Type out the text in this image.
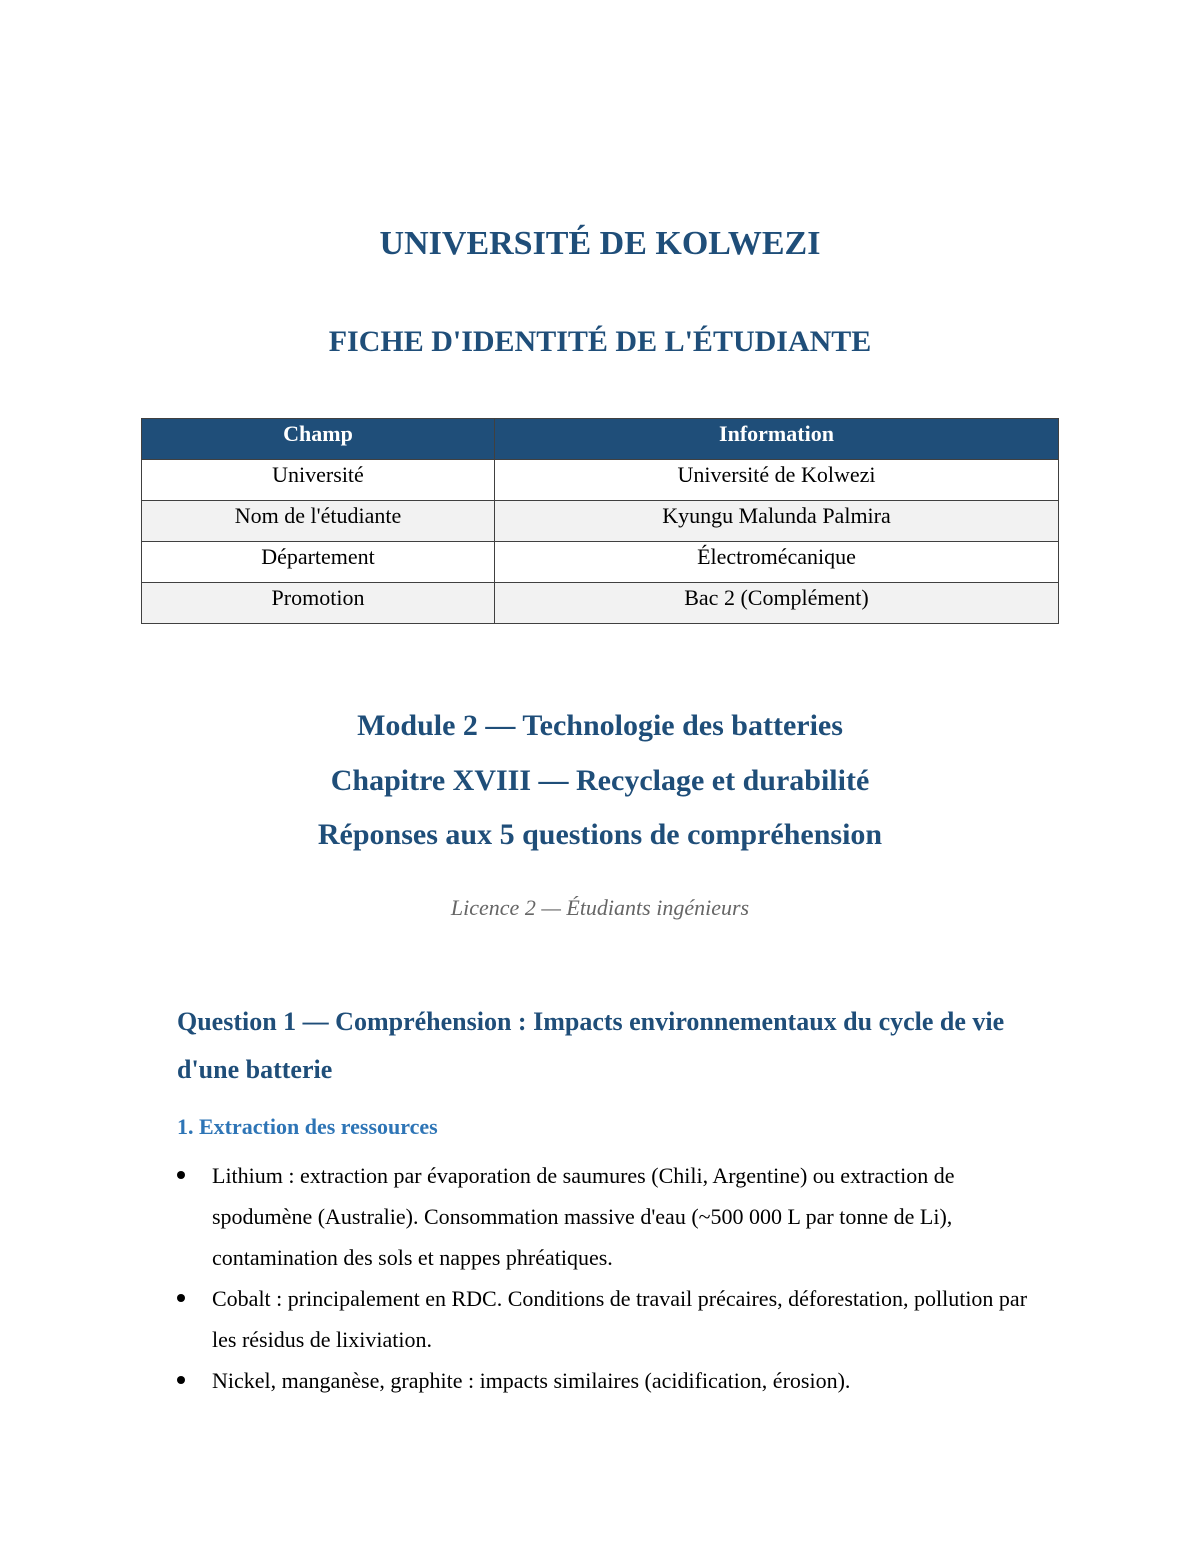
UNIVERSITÉ DE KOLWEZI
FICHE D'IDENTITÉ DE L'ÉTUDIANTE
Champ	Information
Université	Université de Kolwezi
Nom de l'étudiante	Kyungu Malunda Palmira
Département	Électromécanique
Promotion	Bac 2 (Complément)
Module 2 — Technologie des batteries
Chapitre XVIII — Recyclage et durabilité
Réponses aux 5 questions de compréhension
Licence 2 — Étudiants ingénieurs
Question 1 — Compréhension : Impacts environnementaux du cycle de vie d'une batterie
1. Extraction des ressources
Lithium : extraction par évaporation de saumures (Chili, Argentine) ou extraction de spodumène (Australie). Consommation massive d'eau (~500 000 L par tonne de Li), contamination des sols et nappes phréatiques.
Cobalt : principalement en RDC. Conditions de travail précaires, déforestation, pollution par les résidus de lixiviation.
Nickel, manganèse, graphite : impacts similaires (acidification, érosion).
